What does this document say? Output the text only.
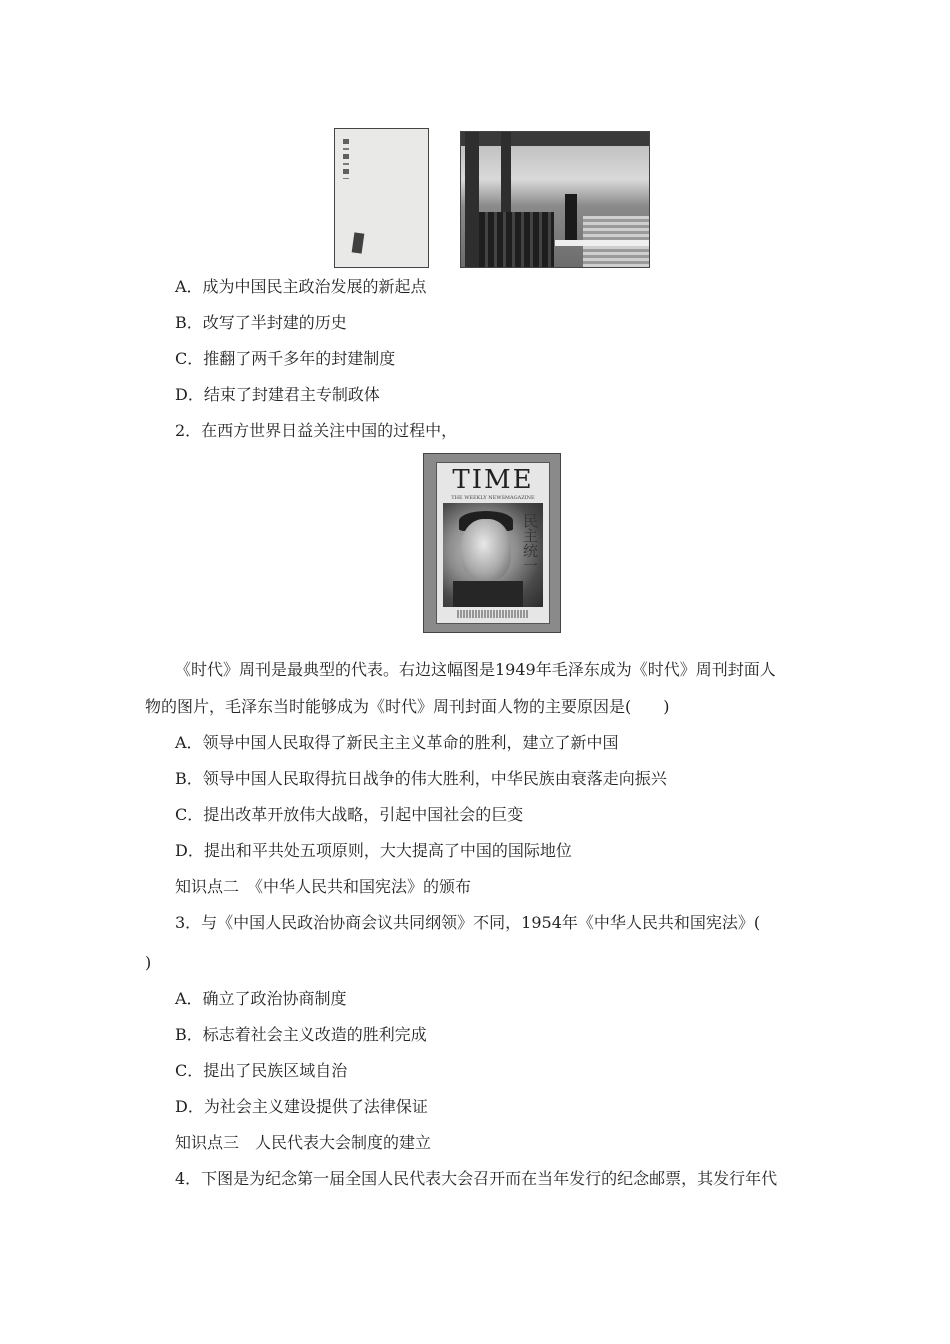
A．成为中国民主政治发展的新起点
B．改写了半封建的历史
C．推翻了两千多年的封建制度
D．结束了封建君主专制政体
2．在西方世界日益关注中国的过程中，
TIME
THE WEEKLY NEWSMAGAZINE
民主统一
《时代》周刊是最典型的代表。右边这幅图是1949年毛泽东成为《时代》周刊封面人
物的图片，毛泽东当时能够成为《时代》周刊封面人物的主要原因是(　　)
A．领导中国人民取得了新民主主义革命的胜利，建立了新中国
B．领导中国人民取得抗日战争的伟大胜利，中华民族由衰落走向振兴
C．提出改革开放伟大战略，引起中国社会的巨变
D．提出和平共处五项原则，大大提高了中国的国际地位
知识点二　《中华人民共和国宪法》的颁布
3．与《中国人民政治协商会议共同纲领》不同，1954年《中华人民共和国宪法》(
)
A．确立了政治协商制度
B．标志着社会主义改造的胜利完成
C．提出了民族区域自治
D．为社会主义建设提供了法律保证
知识点三　人民代表大会制度的建立
4．下图是为纪念第一届全国人民代表大会召开而在当年发行的纪念邮票，其发行年代
